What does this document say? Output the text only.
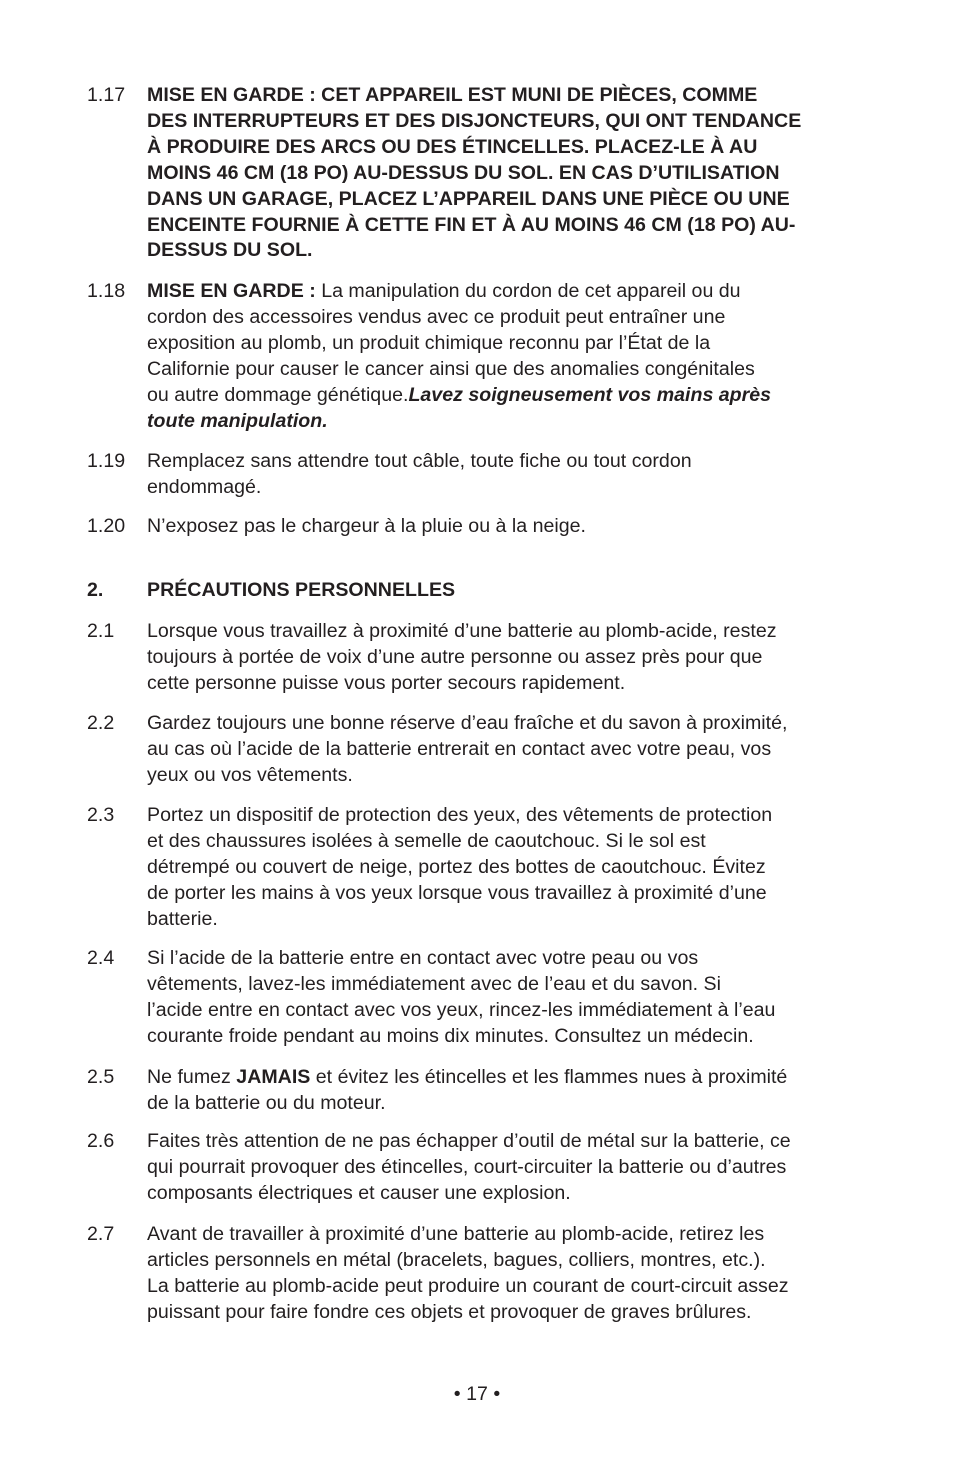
1.17 MISE EN GARDE : CET APPAREIL EST MUNI DE PIÈCES, COMME
DES INTERRUPTEURS ET DES DISJONCTEURS, QUI ONT TENDANCE
À PRODUIRE DES ARCS OU DES ÉTINCELLES. PLACEZ-LE À AU
MOINS 46 CM (18 PO) AU-DESSUS DU SOL. EN CAS D’UTILISATION
DANS UN GARAGE, PLACEZ L’APPAREIL DANS UNE PIÈCE OU UNE
ENCEINTE FOURNIE À CETTE FIN ET À AU MOINS 46 CM (18 PO) AU-
DESSUS DU SOL.
1.18 MISE EN GARDE : La manipulation du cordon de cet appareil ou du
cordon des accessoires vendus avec ce produit peut entraîner une
exposition au plomb, un produit chimique reconnu par l’État de la
Californie pour causer le cancer ainsi que des anomalies congénitales
ou autre dommage génétique.Lavez soigneusement vos mains après
toute manipulation.
1.19 Remplacez sans attendre tout câble, toute fiche ou tout cordon
endommagé.
1.20 N’exposez pas le chargeur à la pluie ou à la neige.
2. PRÉCAUTIONS PERSONNELLES
2.1 Lorsque vous travaillez à proximité d’une batterie au plomb-acide, restez
toujours à portée de voix d’une autre personne ou assez près pour que
cette personne puisse vous porter secours rapidement.
2.2 Gardez toujours une bonne réserve d’eau fraîche et du savon à proximité,
au cas où l’acide de la batterie entrerait en contact avec votre peau, vos
yeux ou vos vêtements.
2.3 Portez un dispositif de protection des yeux, des vêtements de protection
et des chaussures isolées à semelle de caoutchouc. Si le sol est
détrempé ou couvert de neige, portez des bottes de caoutchouc. Évitez
de porter les mains à vos yeux lorsque vous travaillez à proximité d’une
batterie.
2.4 Si l’acide de la batterie entre en contact avec votre peau ou vos
vêtements, lavez-les immédiatement avec de l’eau et du savon. Si
l’acide entre en contact avec vos yeux, rincez-les immédiatement à l’eau
courante froide pendant au moins dix minutes. Consultez un médecin.
2.5 Ne fumez JAMAIS et évitez les étincelles et les flammes nues à proximité
de la batterie ou du moteur.
2.6 Faites très attention de ne pas échapper d’outil de métal sur la batterie, ce
qui pourrait provoquer des étincelles, court-circuiter la batterie ou d’autres
composants électriques et causer une explosion.
2.7 Avant de travailler à proximité d’une batterie au plomb-acide, retirez les
articles personnels en métal (bracelets, bagues, colliers, montres, etc.).
La batterie au plomb-acide peut produire un courant de court-circuit assez
puissant pour faire fondre ces objets et provoquer de graves brûlures.
• 17 •
